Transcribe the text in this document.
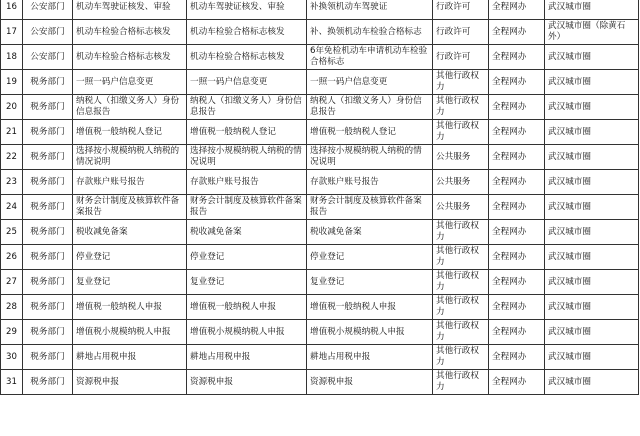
16	公安部门	机动车驾驶证核发、审验	机动车驾驶证核发、审验	补换领机动车驾驶证	行政许可	全程网办	武汉城市圈
17	公安部门	机动车检验合格标志核发	机动车检验合格标志核发	补、换领机动车检验合格标志	行政许可	全程网办	武汉城市圈（除黄石外）
18	公安部门	机动车检验合格标志核发	机动车检验合格标志核发	6年免检机动车申请机动车检验合格标志	行政许可	全程网办	武汉城市圈
19	税务部门	一照一码户信息变更	一照一码户信息变更	一照一码户信息变更	其他行政权力	全程网办	武汉城市圈
20	税务部门	纳税人（扣缴义务人）身份信息报告	纳税人（扣缴义务人）身份信息报告	纳税人（扣缴义务人）身份信息报告	其他行政权力	全程网办	武汉城市圈
21	税务部门	增值税一般纳税人登记	增值税一般纳税人登记	增值税一般纳税人登记	其他行政权力	全程网办	武汉城市圈
22	税务部门	选择按小规模纳税人纳税的情况说明	选择按小规模纳税人纳税的情况说明	选择按小规模纳税人纳税的情况说明	公共服务	全程网办	武汉城市圈
23	税务部门	存款账户账号报告	存款账户账号报告	存款账户账号报告	公共服务	全程网办	武汉城市圈
24	税务部门	财务会计制度及核算软件备案报告	财务会计制度及核算软件备案报告	财务会计制度及核算软件备案报告	公共服务	全程网办	武汉城市圈
25	税务部门	税收减免备案	税收减免备案	税收减免备案	其他行政权力	全程网办	武汉城市圈
26	税务部门	停业登记	停业登记	停业登记	其他行政权力	全程网办	武汉城市圈
27	税务部门	复业登记	复业登记	复业登记	其他行政权力	全程网办	武汉城市圈
28	税务部门	增值税一般纳税人申报	增值税一般纳税人申报	增值税一般纳税人申报	其他行政权力	全程网办	武汉城市圈
29	税务部门	增值税小规模纳税人申报	增值税小规模纳税人申报	增值税小规模纳税人申报	其他行政权力	全程网办	武汉城市圈
30	税务部门	耕地占用税申报	耕地占用税申报	耕地占用税申报	其他行政权力	全程网办	武汉城市圈
31	税务部门	资源税申报	资源税申报	资源税申报	其他行政权力	全程网办	武汉城市圈
